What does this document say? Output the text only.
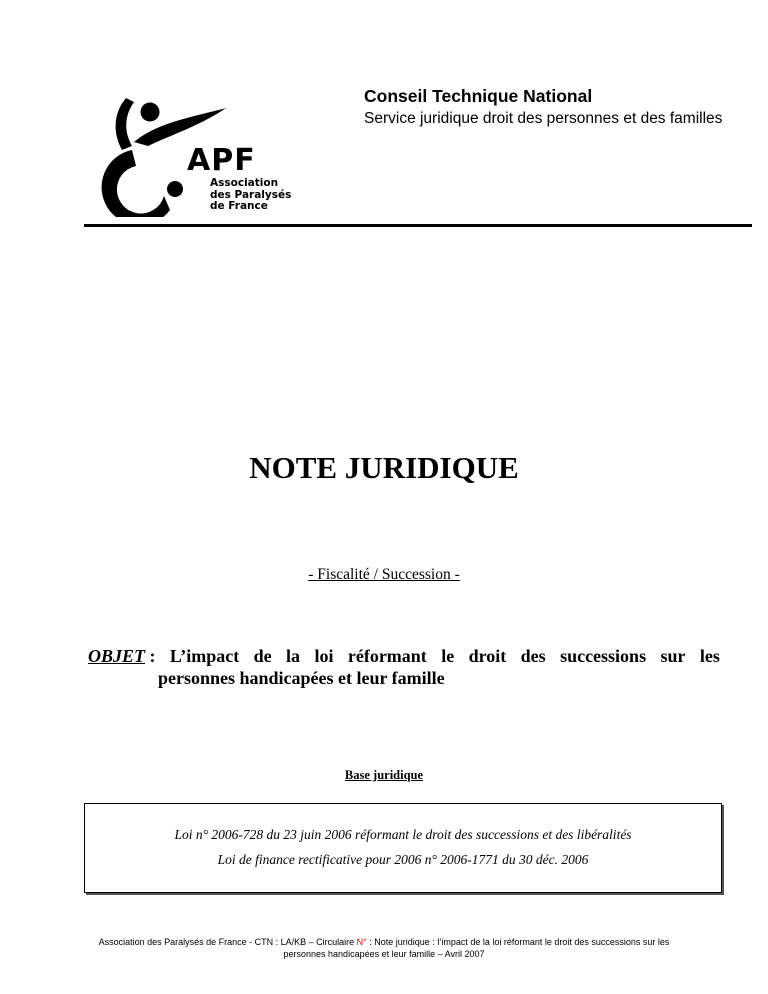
APF
Association
des Paralysés
de France
Conseil Technique National
Service juridique droit des personnes et des familles
NOTE JURIDIQUE
- Fiscalité / Succession -
OBJET : L’impact de la loi réformant le droit des successions sur les
personnes handicapées et leur famille
Base juridique
Loi n° 2006-728 du 23 juin 2006 réformant le droit des successions et des libéralités
Loi de finance rectificative pour 2006 n° 2006-1771 du 30 déc. 2006
Association des Paralysés de France - CTN : LA/KB – Circulaire N° : Note juridique : l’impact de la loi réformant le droit des successions sur les
personnes handicapées et leur famille – Avril 2007
